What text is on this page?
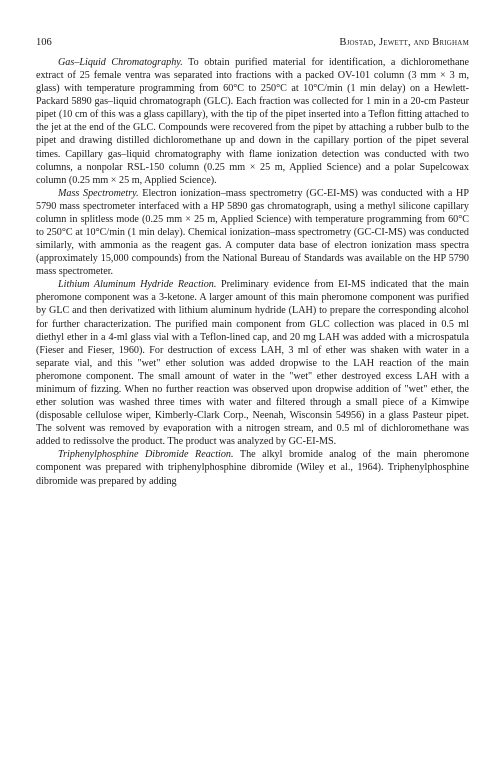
106	Bjostad, Jewett, and Brigham

Gas–Liquid Chromatography. To obtain purified material for identification, a dichloromethane extract of 25 female ventra was separated into fractions with a packed OV-101 column (3 mm × 3 m, glass) with temperature programming from 60°C to 250°C at 10°C/min (1 min delay) on a Hewlett-Packard 5890 gas–liquid chromatograph (GLC). Each fraction was collected for 1 min in a 20-cm Pasteur pipet (10 cm of this was a glass capillary), with the tip of the pipet inserted into a Teflon fitting attached to the jet at the end of the GLC. Compounds were recovered from the pipet by attaching a rubber bulb to the pipet and drawing distilled dichloromethane up and down in the capillary portion of the pipet several times. Capillary gas–liquid chromatography with flame ionization detection was conducted with two columns, a nonpolar RSL-150 column (0.25 mm × 25 m, Applied Science) and a polar Supelcowax column (0.25 mm × 25 m, Applied Science).

Mass Spectrometry. Electron ionization–mass spectrometry (GC-EI-MS) was conducted with a HP 5790 mass spectrometer interfaced with a HP 5890 gas chromatograph, using a methyl silicone capillary column in splitless mode (0.25 mm × 25 m, Applied Science) with temperature programming from 60°C to 250°C at 10°C/min (1 min delay). Chemical ionization–mass spectrometry (GC-CI-MS) was conducted similarly, with ammonia as the reagent gas. A computer data base of electron ionization mass spectra (approximately 15,000 compounds) from the National Bureau of Standards was available on the HP 5790 mass spectrometer.

Lithium Aluminum Hydride Reaction. Preliminary evidence from EI-MS indicated that the main pheromone component was a 3-ketone. A larger amount of this main pheromone component was purified by GLC and then derivatized with lithium aluminum hydride (LAH) to prepare the corresponding alcohol for further characterization. The purified main component from GLC collection was placed in 0.5 ml diethyl ether in a 4-ml glass vial with a Teflon-lined cap, and 20 mg LAH was added with a microspatula (Fieser and Fieser, 1960). For destruction of excess LAH, 3 ml of ether was shaken with water in a separate vial, and this "wet" ether solution was added dropwise to the LAH reaction of the main pheromone component. The small amount of water in the "wet" ether destroyed excess LAH with a minimum of fizzing. When no further reaction was observed upon dropwise addition of "wet" ether, the ether solution was washed three times with water and filtered through a small piece of a Kimwipe (disposable cellulose wiper, Kimberly-Clark Corp., Neenah, Wisconsin 54956) in a glass Pasteur pipet. The solvent was removed by evaporation with a nitrogen stream, and 0.5 ml of dichloromethane was added to redissolve the product. The product was analyzed by GC-EI-MS.

Triphenylphosphine Dibromide Reaction. The alkyl bromide analog of the main pheromone component was prepared with triphenylphosphine dibromide (Wiley et al., 1964). Triphenylphosphine dibromide was prepared by adding
